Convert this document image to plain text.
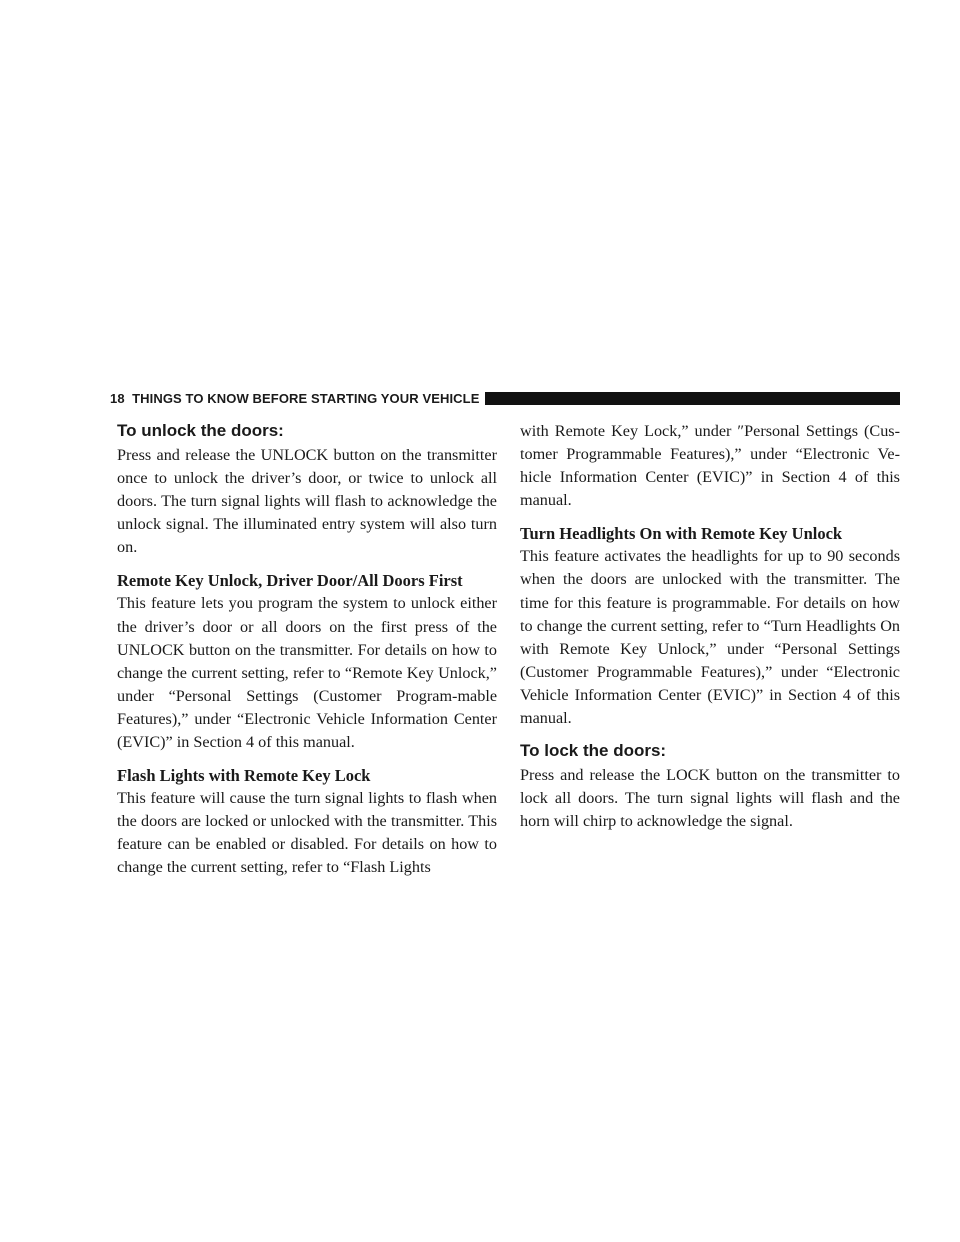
18
THINGS TO KNOW BEFORE STARTING YOUR VEHICLE
To unlock the doors:

Press and release the UNLOCK button on the transmitter once to unlock the driver’s door, or twice to unlock all doors. The turn signal lights will flash to acknowledge the unlock signal. The illuminated entry system will also turn on.

Remote Key Unlock, Driver Door/All Doors First

This feature lets you program the system to unlock either the driver’s door or all doors on the first press of the UNLOCK button on the transmitter. For details on how to change the current setting, refer to “Remote Key Unlock,” under “Personal Settings (Customer Program-mable Features),” under “Electronic Vehicle Information Center (EVIC)” in Section 4 of this manual.

Flash Lights with Remote Key Lock

This feature will cause the turn signal lights to flash when the doors are locked or unlocked with the transmitter. This feature can be enabled or disabled. For details on how to change the current setting, refer to “Flash Lights

with Remote Key Lock,” under ″Personal Settings (Cus-tomer Programmable Features),” under “Electronic Ve-hicle Information Center (EVIC)” in Section 4 of this manual.

Turn Headlights On with Remote Key Unlock

This feature activates the headlights for up to 90 seconds when the doors are unlocked with the transmitter. The time for this feature is programmable. For details on how to change the current setting, refer to “Turn Headlights On with Remote Key Unlock,” under “Personal Settings (Customer Programmable Features),” under “Electronic Vehicle Information Center (EVIC)” in Section 4 of this manual.

To lock the doors:

Press and release the LOCK button on the transmitter to lock all doors. The turn signal lights will flash and the horn will chirp to acknowledge the signal.
